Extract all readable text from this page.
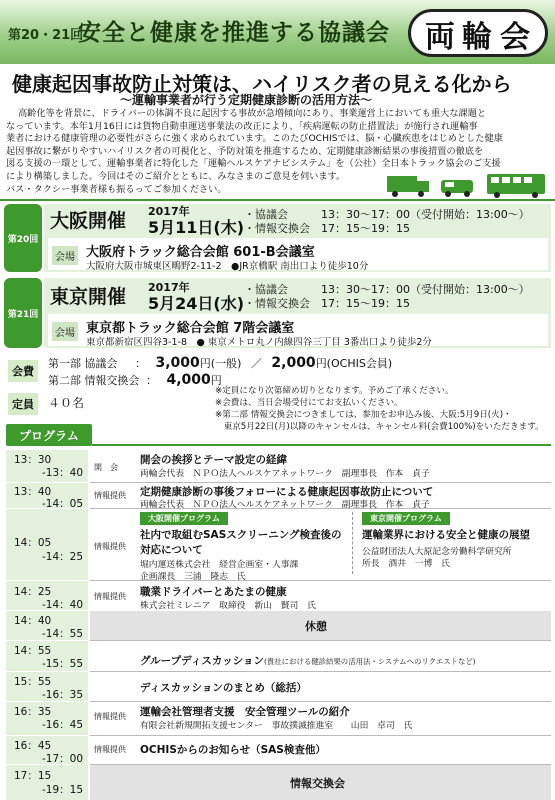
第20・21回
安全と健康を推進する協議会 両 輪 会
健康起因事故防止対策は、ハイリスク者の見える化から
～運輸事業者が行う定期健康診断の活用方法～
高齢化等を背景に、ドライバーの体調不良に起因する事故が急増傾向にあり、事業運営上においても重大な課題と
なっています。本年1月16日には貨物自動車運送事業法の改正により、「疾病運転の防止措置法」が施行され運輸事
業者における健康管理の必要性がさらに強く求められています。このたびOCHISでは、脳・心臓疾患をはじめとした健康
起因事故に繋がりやすいハイリスク者の可視化と、予防対策を推進するため、定期健康診断結果の事後措置の徹底を
図る支援の一環として、運輸事業者に特化した「運輸ヘルスケアナビシステム」を（公社）全日本トラック協会のご支援
により構築しました。今回はそのご紹介とともに、みなさまのご意見を伺います。
バス・タクシー事業者様も振るってご参加ください。
第20回
大阪開催 2017年
5月11日(木)
・協議会　　　13：30～17：00（受付開始：13:00～）
・情報交換会　17：15～19：15
会場 大阪府トラック総合会館 601-B会議室
大阪府大阪市城東区鴫野2-11-2　●JR京橋駅 南出口より徒歩10分
第21回
東京開催 2017年
5月24日(水)
・協議会　　　13：30～17：00（受付開始：13:00～）
・情報交換会　17：15～19：15
会場 東京都トラック総合会館 7階会議室
東京都新宿区四谷3-1-8　● 東京メトロ丸ノ内線四谷三丁目 3番出口より徒歩2分
会費
第一部 協議会 ： 3,000円(一般) ／ 2,000円(OCHIS会員)
第二部 情報交換会 ： 4,000円
定員	４０名
※定員になり次第締め切りとなります。予めご了承ください。
※会費は、当日会場受付にてお支払いください。
※第二部 情報交換会につきましては、参加をお申込み後、大阪:5月9日(火)・
　東京5月22日(月)以降のキャンセルは、キャンセル料(会費100%)をいただきます。
プログラム
13：30
-13：40 開　会
開会の挨拶とテーマ設定の経緯
両輪会代表　ＮＰＯ法人ヘルスケアネットワーク　副理事長　作本　貞子
13：40
-14：05
情報提供 定期健康診断の事後フォローによる健康起因事故防止について
両輪会代表　ＮＰＯ法人ヘルスケアネットワーク　副理事長　作本　貞子
14：05
-14：25
情報提供
大阪開催プログラム
社内で取組むSASスクリーニング検査後の
対応について
堀内運送株式会社　経営企画室・人事課
企画課長　三浦　隆志　氏
東京開催プログラム
運輸業界における安全と健康の展望
公益財団法人大原記念労働科学研究所
所長　酒井　一博　氏
14：25
-14：40
情報提供 職業ドライバーとあたまの健康
株式会社ミレニア　取締役　新山　賢司　氏
14：40
-14：55
休憩
14：55
-15：55	グループディスカッション(貴社における健診結果の活用法・システムへのリクエストなど)
15：55
-16：35
ディスカッションのまとめ（総括）
16：35
-16：45
情報提供 運輸会社管理者支援　安全管理ツールの紹介
有限会社新規開拓支援センター　事故撲滅推進室　　山田　卓司　氏
16：45
-17：00
情報提供 OCHISからのお知らせ（SAS検査他）
17：15
-19：15	情報交換会
